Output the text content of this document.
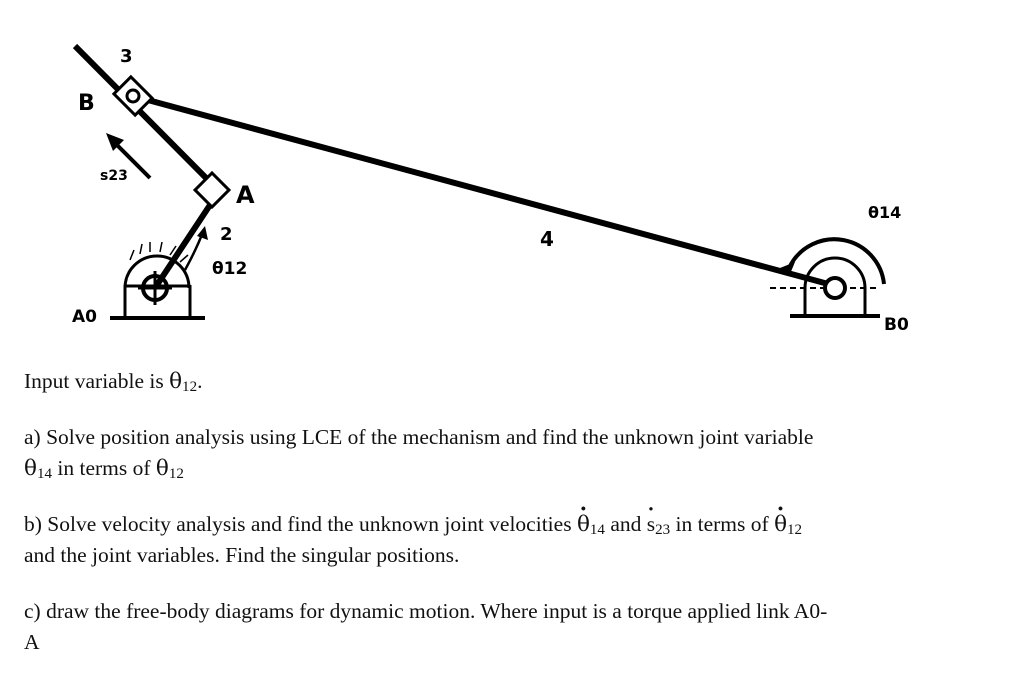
B
3
s23
A
2
θ12
A0
4
θ14
B0
Input variable is $\theta_{12}$.
a) Solve position analysis using LCE of the mechanism and find the unknown joint variable
$\theta_{14}$ in terms of $\theta_{12}$
b) Solve velocity analysis and find the unknown joint velocities · $\theta_{14}$ and · $s_{23}$ in terms of · $\theta_{12}$
and the joint variables. Find the singular positions.
c) draw the free-body diagrams for dynamic motion. Where input is a torque applied link A0-
A
